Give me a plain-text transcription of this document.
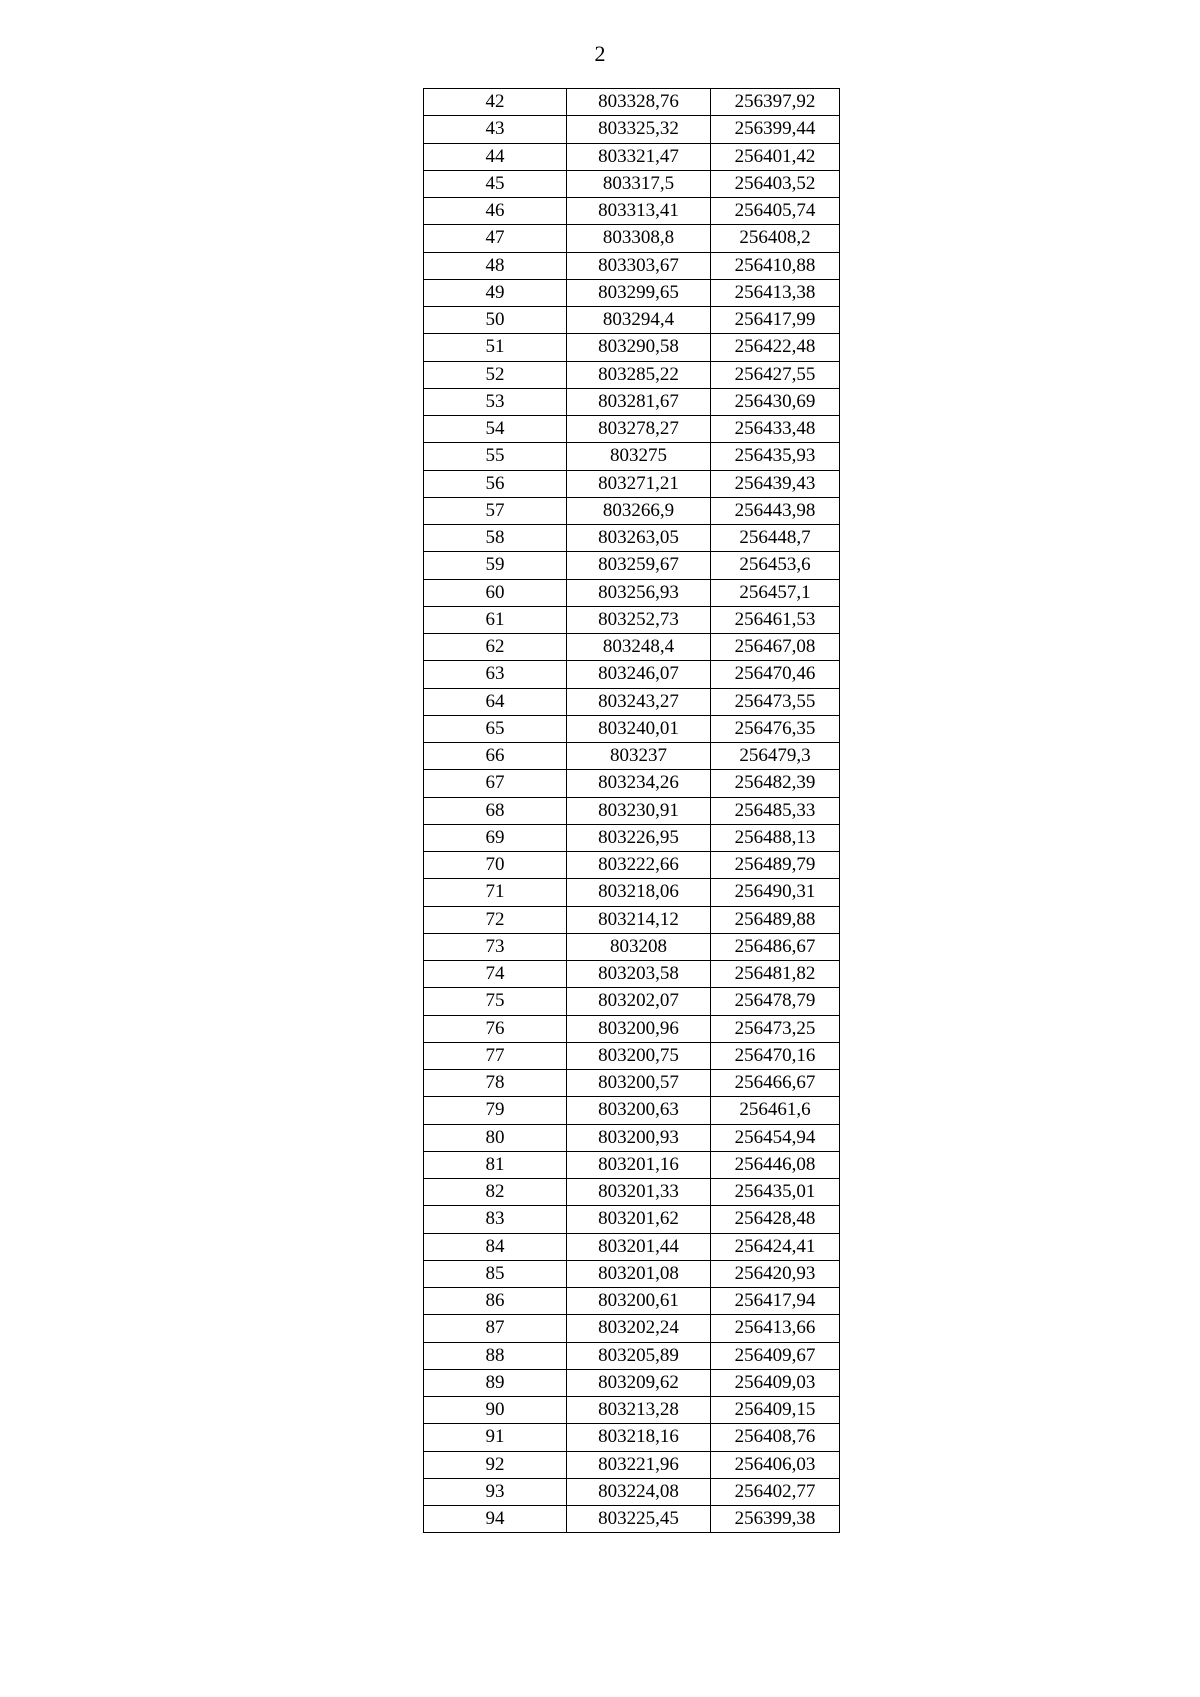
2
42	803328,76	256397,92
43	803325,32	256399,44
44	803321,47	256401,42
45	803317,5	256403,52
46	803313,41	256405,74
47	803308,8	256408,2
48	803303,67	256410,88
49	803299,65	256413,38
50	803294,4	256417,99
51	803290,58	256422,48
52	803285,22	256427,55
53	803281,67	256430,69
54	803278,27	256433,48
55	803275	256435,93
56	803271,21	256439,43
57	803266,9	256443,98
58	803263,05	256448,7
59	803259,67	256453,6
60	803256,93	256457,1
61	803252,73	256461,53
62	803248,4	256467,08
63	803246,07	256470,46
64	803243,27	256473,55
65	803240,01	256476,35
66	803237	256479,3
67	803234,26	256482,39
68	803230,91	256485,33
69	803226,95	256488,13
70	803222,66	256489,79
71	803218,06	256490,31
72	803214,12	256489,88
73	803208	256486,67
74	803203,58	256481,82
75	803202,07	256478,79
76	803200,96	256473,25
77	803200,75	256470,16
78	803200,57	256466,67
79	803200,63	256461,6
80	803200,93	256454,94
81	803201,16	256446,08
82	803201,33	256435,01
83	803201,62	256428,48
84	803201,44	256424,41
85	803201,08	256420,93
86	803200,61	256417,94
87	803202,24	256413,66
88	803205,89	256409,67
89	803209,62	256409,03
90	803213,28	256409,15
91	803218,16	256408,76
92	803221,96	256406,03
93	803224,08	256402,77
94	803225,45	256399,38
